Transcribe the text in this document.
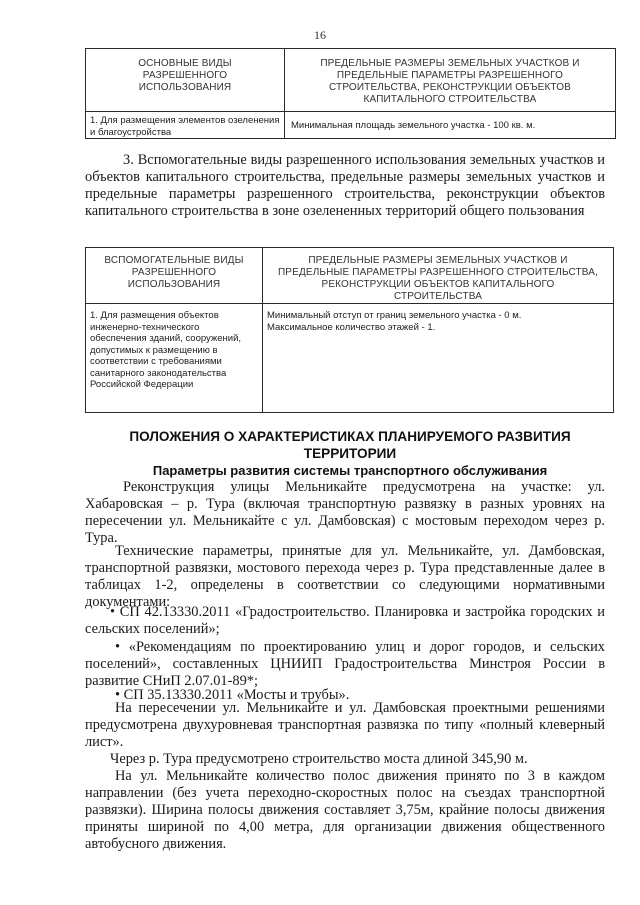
16
ОСНОВНЫЕ ВИДЫ РАЗРЕШЕННОГО ИСПОЛЬЗОВАНИЯ	ПРЕДЕЛЬНЫЕ РАЗМЕРЫ ЗЕМЕЛЬНЫХ УЧАСТКОВ И ПРЕДЕЛЬНЫЕ ПАРАМЕТРЫ РАЗРЕШЕННОГО СТРОИТЕЛЬСТВА, РЕКОНСТРУКЦИИ ОБЪЕКТОВ КАПИТАЛЬНОГО СТРОИТЕЛЬСТВА

1. Для размещения элементов озеленения и благоустройства	Минимальная площадь земельного участка - 100 кв. м.
3. Вспомогательные виды разрешенного использования земельных участков и объектов капитального строительства, предельные размеры земельных участков и предельные параметры разрешенного строительства, реконструкции объектов капитального строительства в зоне озелененных территорий общего пользования
ВСПОМОГАТЕЛЬНЫЕ ВИДЫ РАЗРЕШЕННОГО ИСПОЛЬЗОВАНИЯ	ПРЕДЕЛЬНЫЕ РАЗМЕРЫ ЗЕМЕЛЬНЫХ УЧАСТКОВ И ПРЕДЕЛЬНЫЕ ПАРАМЕТРЫ РАЗРЕШЕННОГО СТРОИТЕЛЬСТВА, РЕКОНСТРУКЦИИ ОБЪЕКТОВ КАПИТАЛЬНОГО СТРОИТЕЛЬСТВА

1. Для размещения объектов инженерно-технического обеспечения зданий, сооружений, допустимых к размещению в соответствии с требованиями санитарного законодательства Российской Федерации	Минимальный отступ от границ земельного участка - 0 м.
Максимальное количество этажей - 1.
ПОЛОЖЕНИЯ О ХАРАКТЕРИСТИКАХ ПЛАНИРУЕМОГО РАЗВИТИЯ
ТЕРРИТОРИИ
Параметры развития системы транспортного обслуживания
Реконструкция улицы Мельникайте предусмотрена на участке: ул. Хабаровская – р. Тура (включая транспортную развязку в разных уровнях на пересечении ул. Мельникайте с ул. Дамбовская) с мостовым переходом через р. Тура.
Технические параметры, принятые для ул. Мельникайте, ул. Дамбовская, транспортной развязки, мостового перехода через р. Тура представленные далее в таблицах 1-2, определены в соответствии со следующими нормативными документами:
• СП 42.13330.2011 «Градостроительство. Планировка и застройка городских и сельских поселений»;
• «Рекомендациям по проектированию улиц и дорог городов, и сельских поселений», составленных ЦНИИП Градостроительства Минстроя России в развитие СНиП 2.07.01-89*;
• СП 35.13330.2011 «Мосты и трубы».
На пересечении ул. Мельникайте и ул. Дамбовская проектными решениями предусмотрена двухуровневая транспортная развязка по типу «полный клеверный лист».
Через р. Тура предусмотрено строительство моста длиной 345,90 м.
На ул. Мельникайте количество полос движения принято по 3 в каждом направлении (без учета переходно-скоростных полос на съездах транспортной развязки). Ширина полосы движения составляет 3,75м, крайние полосы движения приняты шириной по 4,00 метра, для организации движения общественного автобусного движения.
